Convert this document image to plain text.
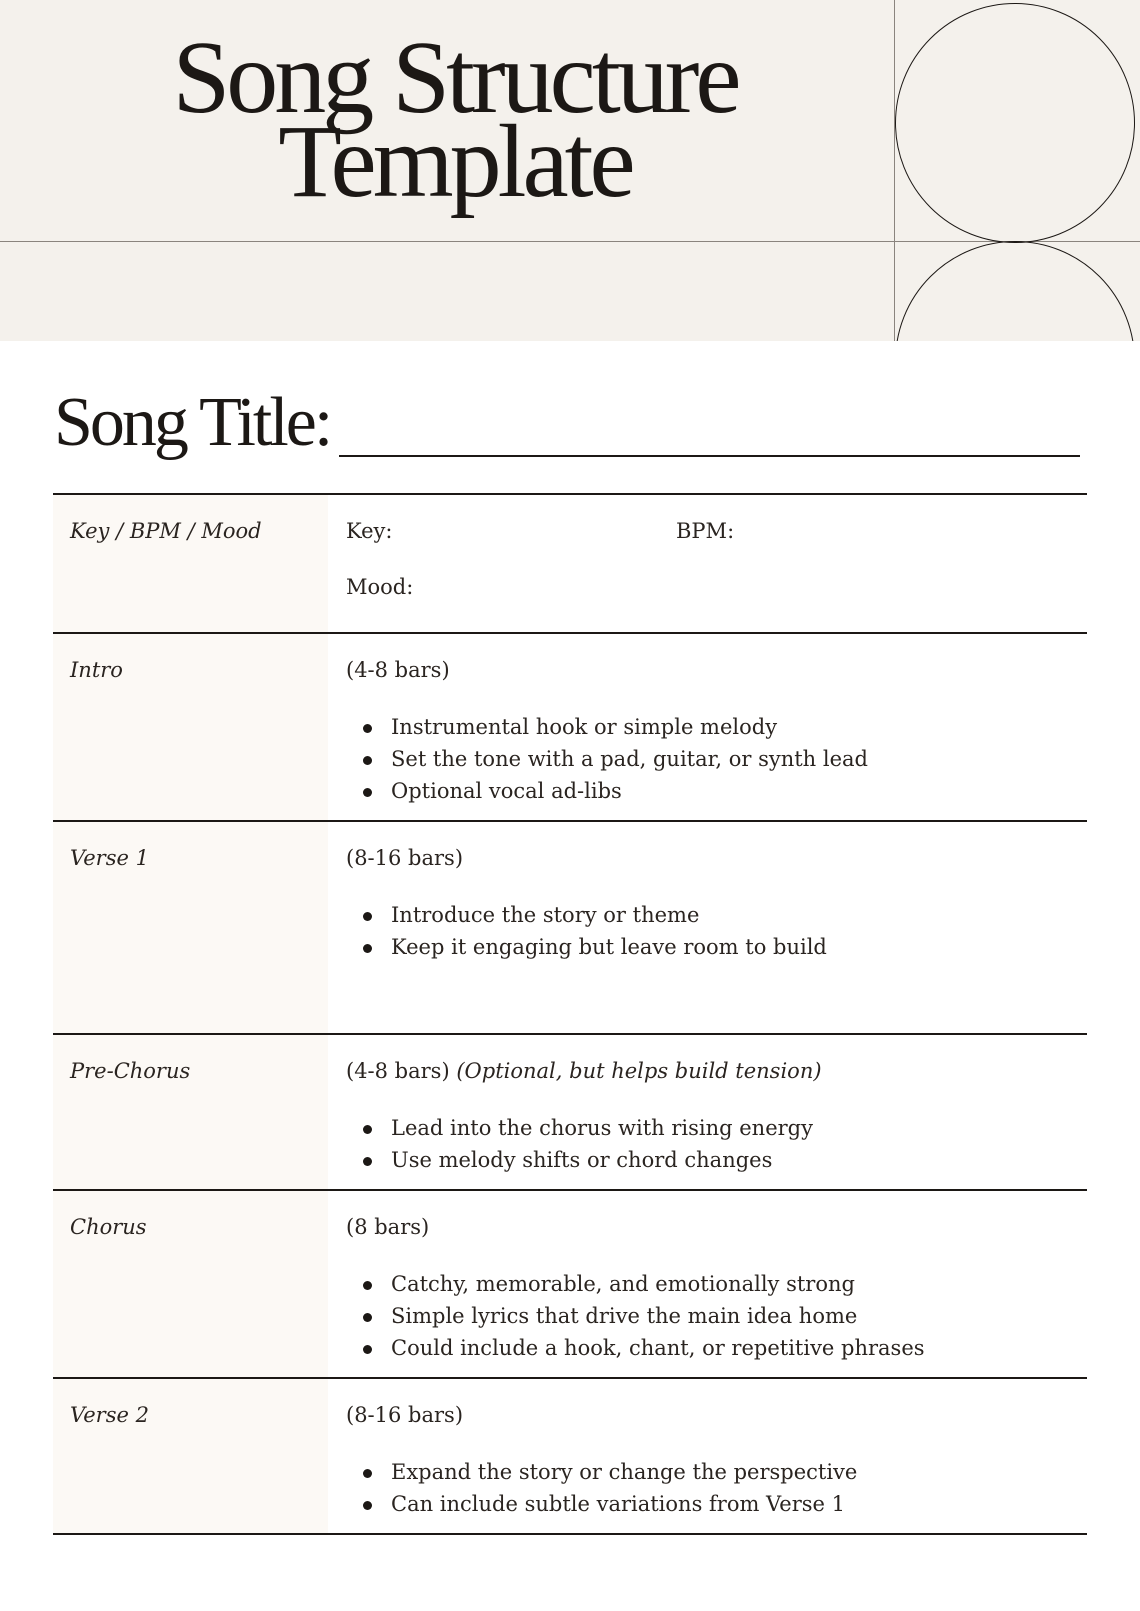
Song Structure
Template
Song Title:
Key / BPM / Mood	Key:	BPM:
Mood:
Intro	(4-8 bars)

Instrumental hook or simple melody
Set the tone with a pad, guitar, or synth lead
Optional vocal ad-libs
Verse 1	(8-16 bars)

Introduce the story or theme
Keep it engaging but leave room to build
Pre-Chorus	(4-8 bars) (Optional, but helps build tension)

Lead into the chorus with rising energy
Use melody shifts or chord changes
Chorus	(8 bars)

Catchy, memorable, and emotionally strong
Simple lyrics that drive the main idea home
Could include a hook, chant, or repetitive phrases
Verse 2	(8-16 bars)

Expand the story or change the perspective
Can include subtle variations from Verse 1
